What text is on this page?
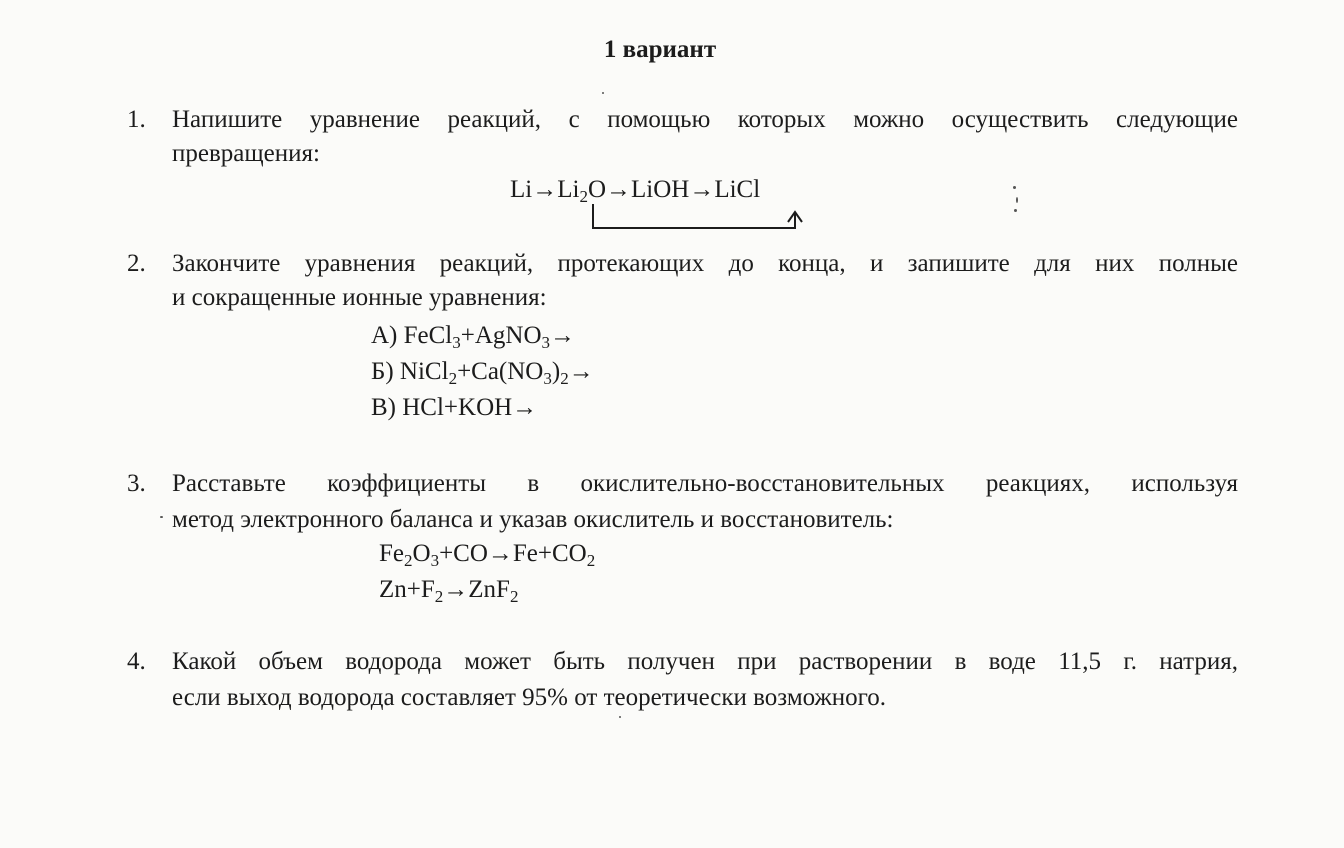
1 вариант
1. Напишите уравнение реакций, с помощью которых можно осуществить следующие
превращения:
$Li\to Li_2O\to LiOH\to LiCl$
2. Закончите уравнения реакций, протекающих до конца, и запишите для них полные
и сокращенные ионные уравнения:
А) FeCl$_3$+AgNO$_3$→
Б) $NiCl_2+Ca(NO_3)_2\to$
В) HCl+KOH→
3. Расставьте коэффициенты в окислительно-восстановительных реакциях, используя
метод электронного баланса и указав окислитель и восстановитель:
$Fe_2O_3+CO\to Fe+CO_2$
$Zn+F_2\to ZnF_2$
4. Какой объем водорода может быть получен при растворении в воде 11,5 г. натрия,
если выход водорода составляет 95% от теоретически возможного.
